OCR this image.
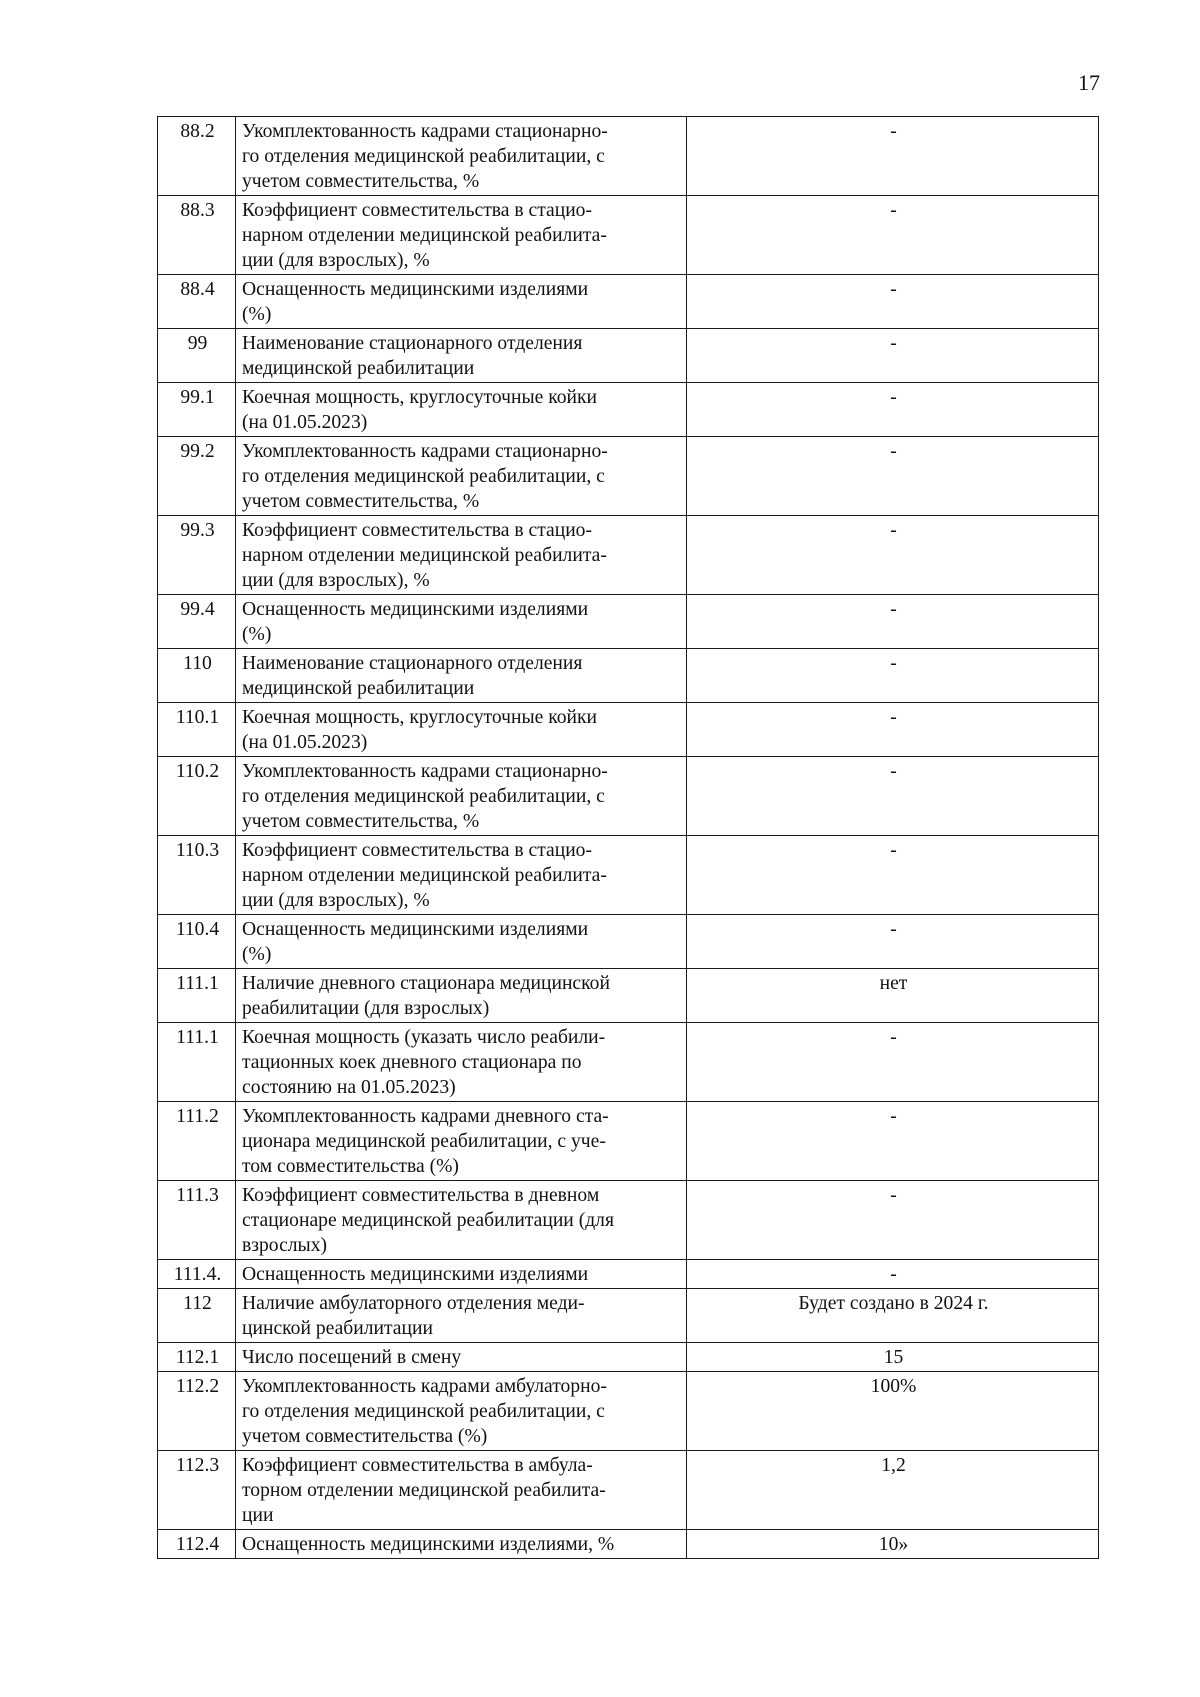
17
88.2	Укомплектованность кадрами стационарно-
го отделения медицинской реабилитации, с
учетом совместительства, %	-
88.3	Коэффициент совместительства в стацио-
нарном отделении медицинской реабилита-
ции (для взрослых), %	-
88.4	Оснащенность медицинскими изделиями
(%)	-
99	Наименование стационарного отделения
медицинской реабилитации	-
99.1	Коечная мощность, круглосуточные койки
(на 01.05.2023)	-
99.2	Укомплектованность кадрами стационарно-
го отделения медицинской реабилитации, с
учетом совместительства, %	-
99.3	Коэффициент совместительства в стацио-
нарном отделении медицинской реабилита-
ции (для взрослых), %	-
99.4	Оснащенность медицинскими изделиями
(%)	-
110	Наименование стационарного отделения
медицинской реабилитации	-
110.1	Коечная мощность, круглосуточные койки
(на 01.05.2023)	-
110.2	Укомплектованность кадрами стационарно-
го отделения медицинской реабилитации, с
учетом совместительства, %	-
110.3	Коэффициент совместительства в стацио-
нарном отделении медицинской реабилита-
ции (для взрослых), %	-
110.4	Оснащенность медицинскими изделиями
(%)	-
111.1	Наличие дневного стационара медицинской
реабилитации (для взрослых)	нет
111.1	Коечная мощность (указать число реабили-
тационных коек дневного стационара по
состоянию на 01.05.2023)	-
111.2	Укомплектованность кадрами дневного ста-
ционара медицинской реабилитации, с уче-
том совместительства (%)	-
111.3	Коэффициент совместительства в дневном
стационаре медицинской реабилитации (для
взрослых)	-
111.4.	Оснащенность медицинскими изделиями	-
112	Наличие амбулаторного отделения меди-
цинской реабилитации	Будет создано в 2024 г.
112.1	Число посещений в смену	15
112.2	Укомплектованность кадрами амбулаторно-
го отделения медицинской реабилитации, с
учетом совместительства (%)	100%
112.3	Коэффициент совместительства в амбула-
торном отделении медицинской реабилита-
ции	1,2
112.4	Оснащенность медицинскими изделиями, %	10»
